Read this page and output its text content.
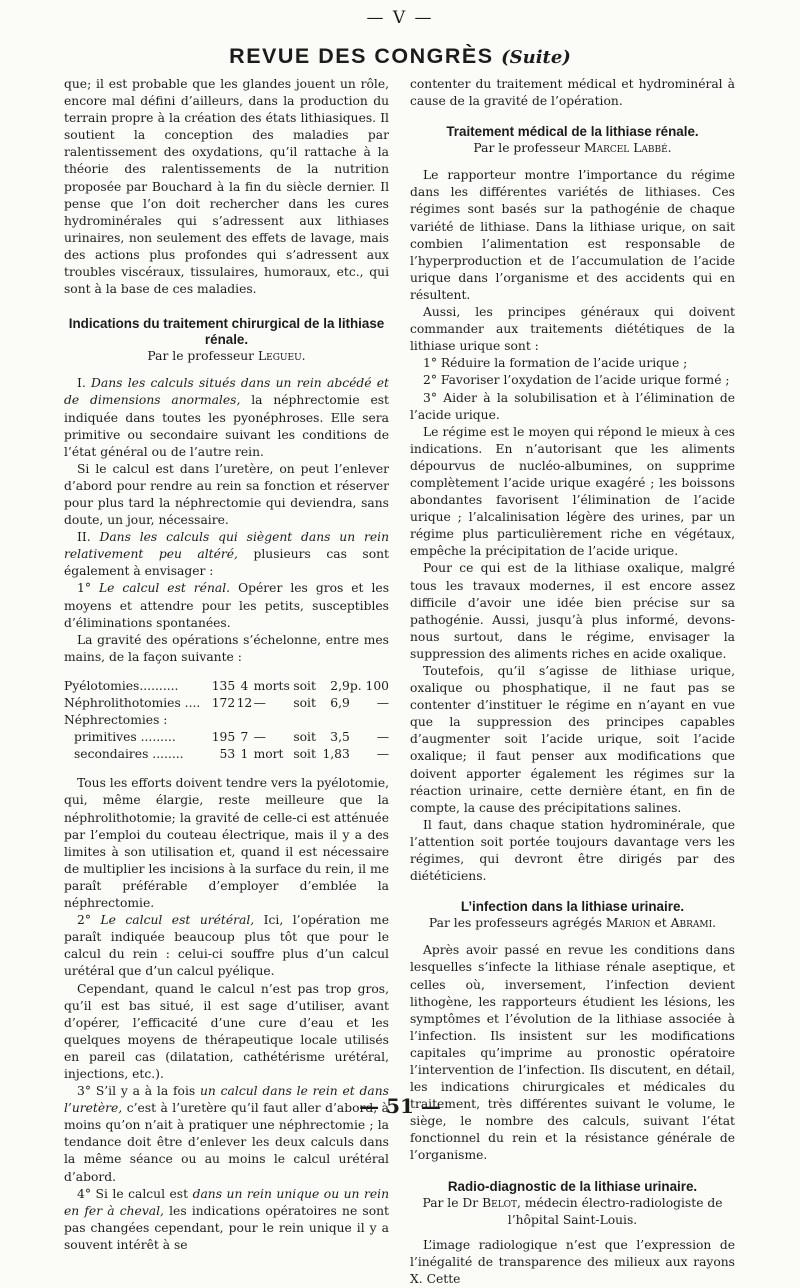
— V —
REVUE DES CONGRÈS (Suite)

que; il est probable que les glandes jouent un rôle, encore mal défini d’ailleurs, dans la production du terrain propre à la création des états lithiasiques. Il soutient la conception des maladies par ralentissement des oxydations, qu’il rattache à la théorie des ralentissements de la nutrition proposée par Bouchard à la fin du siècle dernier. Il pense que l’on doit rechercher dans les cures hydrominérales qui s’adressent aux lithiases urinaires, non seulement des effets de lavage, mais des actions plus profondes qui s’adressent aux troubles viscéraux, tissulaires, humoraux, etc., qui sont à la base de ces maladies.

Indications du traitement chirurgical de la lithiase rénale.

Par le professeur Legueu.

I. Dans les calculs situés dans un rein abcédé et de dimensions anormales, la néphrectomie est indiquée dans toutes les pyonéphroses. Elle sera primitive ou secondaire suivant les conditions de l’état général ou de l’autre rein.

Si le calcul est dans l’uretère, on peut l’enlever d’abord pour rendre au rein sa fonction et réserver pour plus tard la néphrectomie qui deviendra, sans doute, un jour, nécessaire.

II. Dans les calculs qui siègent dans un rein relativement peu altéré, plusieurs cas sont également à envisager :

1° Le calcul est rénal. Opérer les gros et les moyens et attendre pour les petits, susceptibles d’éliminations spontanées.

La gravité des opérations s’échelonne, entre mes mains, de la façon suivante :

Pyélotomies..........	135	4	morts	soit	2,9	p. 100
Néphrolithotomies ....	172	12	—	soit	6,9	—
Néphrectomies :						
primitives .........	195	7	—	soit	3,5	—
secondaires ........	53	1	mort	soit	1,83	—

Tous les efforts doivent tendre vers la pyélotomie, qui, même élargie, reste meilleure que la néphrolithotomie; la gravité de celle-ci est atténuée par l’emploi du couteau électrique, mais il y a des limites à son utilisation et, quand il est nécessaire de multiplier les incisions à la surface du rein, il me paraît préférable d’employer d’emblée la néphrectomie.

2° Le calcul est urétéral, Ici, l’opération me paraît indiquée beaucoup plus tôt que pour le calcul du rein : celui-ci souffre plus d’un calcul urétéral que d’un calcul pyélique.

Cependant, quand le calcul n’est pas trop gros, qu’il est bas situé, il est sage d’utiliser, avant d’opérer, l’efficacité d’une cure d’eau et les quelques moyens de thérapeutique locale utilisés en pareil cas (dilatation, cathétérisme urétéral, injections, etc.).

3° S’il y a à la fois un calcul dans le rein et dans l’uretère, c’est à l’uretère qu’il faut aller d’abord, à moins qu’on n’ait à pratiquer une néphrectomie ; la tendance doit être d’enlever les deux calculs dans la même séance ou au moins le calcul urétéral d’abord.

4° Si le calcul est dans un rein unique ou un rein en fer à cheval, les indications opératoires ne sont pas changées cependant, pour le rein unique il y a souvent intérêt à se

contenter du traitement médical et hydrominéral à cause de la gravité de l’opération.

Traitement médical de la lithiase rénale.

Par le professeur Marcel Labbé.

Le rapporteur montre l’importance du régime dans les différentes variétés de lithiases. Ces régimes sont basés sur la pathogénie de chaque variété de lithiase. Dans la lithiase urique, on sait combien l’alimentation est responsable de l’hyperproduction et de l’accumulation de l’acide urique dans l’organisme et des accidents qui en résultent.

Aussi, les principes généraux qui doivent commander aux traitements diététiques de la lithiase urique sont :

1° Réduire la formation de l’acide urique ;

2° Favoriser l’oxydation de l’acide urique formé ;

3° Aider à la solubilisation et à l’élimination de l’acide urique.

Le régime est le moyen qui répond le mieux à ces indications. En n’autorisant que les aliments dépourvus de nucléo-albumines, on supprime complètement l’acide urique exagéré ; les boissons abondantes favorisent l’élimination de l’acide urique ; l’alcalinisation légère des urines, par un régime plus particulièrement riche en végétaux, empêche la précipitation de l’acide urique.

Pour ce qui est de la lithiase oxalique, malgré tous les travaux modernes, il est encore assez difficile d’avoir une idée bien précise sur sa pathogénie. Aussi, jusqu’à plus informé, devons-nous surtout, dans le régime, envisager la suppression des aliments riches en acide oxalique.

Toutefois, qu’il s’agisse de lithiase urique, oxalique ou phosphatique, il ne faut pas se contenter d’instituer le régime en n’ayant en vue que la suppression des principes capables d’augmenter soit l’acide urique, soit l’acide oxalique; il faut penser aux modifications que doivent apporter également les régimes sur la réaction urinaire, cette dernière étant, en fin de compte, la cause des précipitations salines.

Il faut, dans chaque station hydrominérale, que l’attention soit portée toujours davantage vers les régimes, qui devront être dirigés par des diététiciens.

L’infection dans la lithiase urinaire.

Par les professeurs agrégés Marion et Abrami.

Après avoir passé en revue les conditions dans lesquelles s’infecte la lithiase rénale aseptique, et celles où, inversement, l’infection devient lithogène, les rapporteurs étudient les lésions, les symptômes et l’évolution de la lithiase associée à l’infection. Ils insistent sur les modifications capitales qu’imprime au pronostic opératoire l’intervention de l’infection. Ils discutent, en détail, les indications chirurgicales et médicales du traitement, très différentes suivant le volume, le siège, le nombre des calculs, suivant l’état fonctionnel du rein et la résistance générale de l’organisme.

Radio-diagnostic de la lithiase urinaire.

Par le Dr Belot, médecin électro-radiologiste de l’hôpital Saint-Louis.

L’image radiologique n’est que l’expression de l’inégalité de transparence des milieux aux rayons X. Cette

— 51 —
